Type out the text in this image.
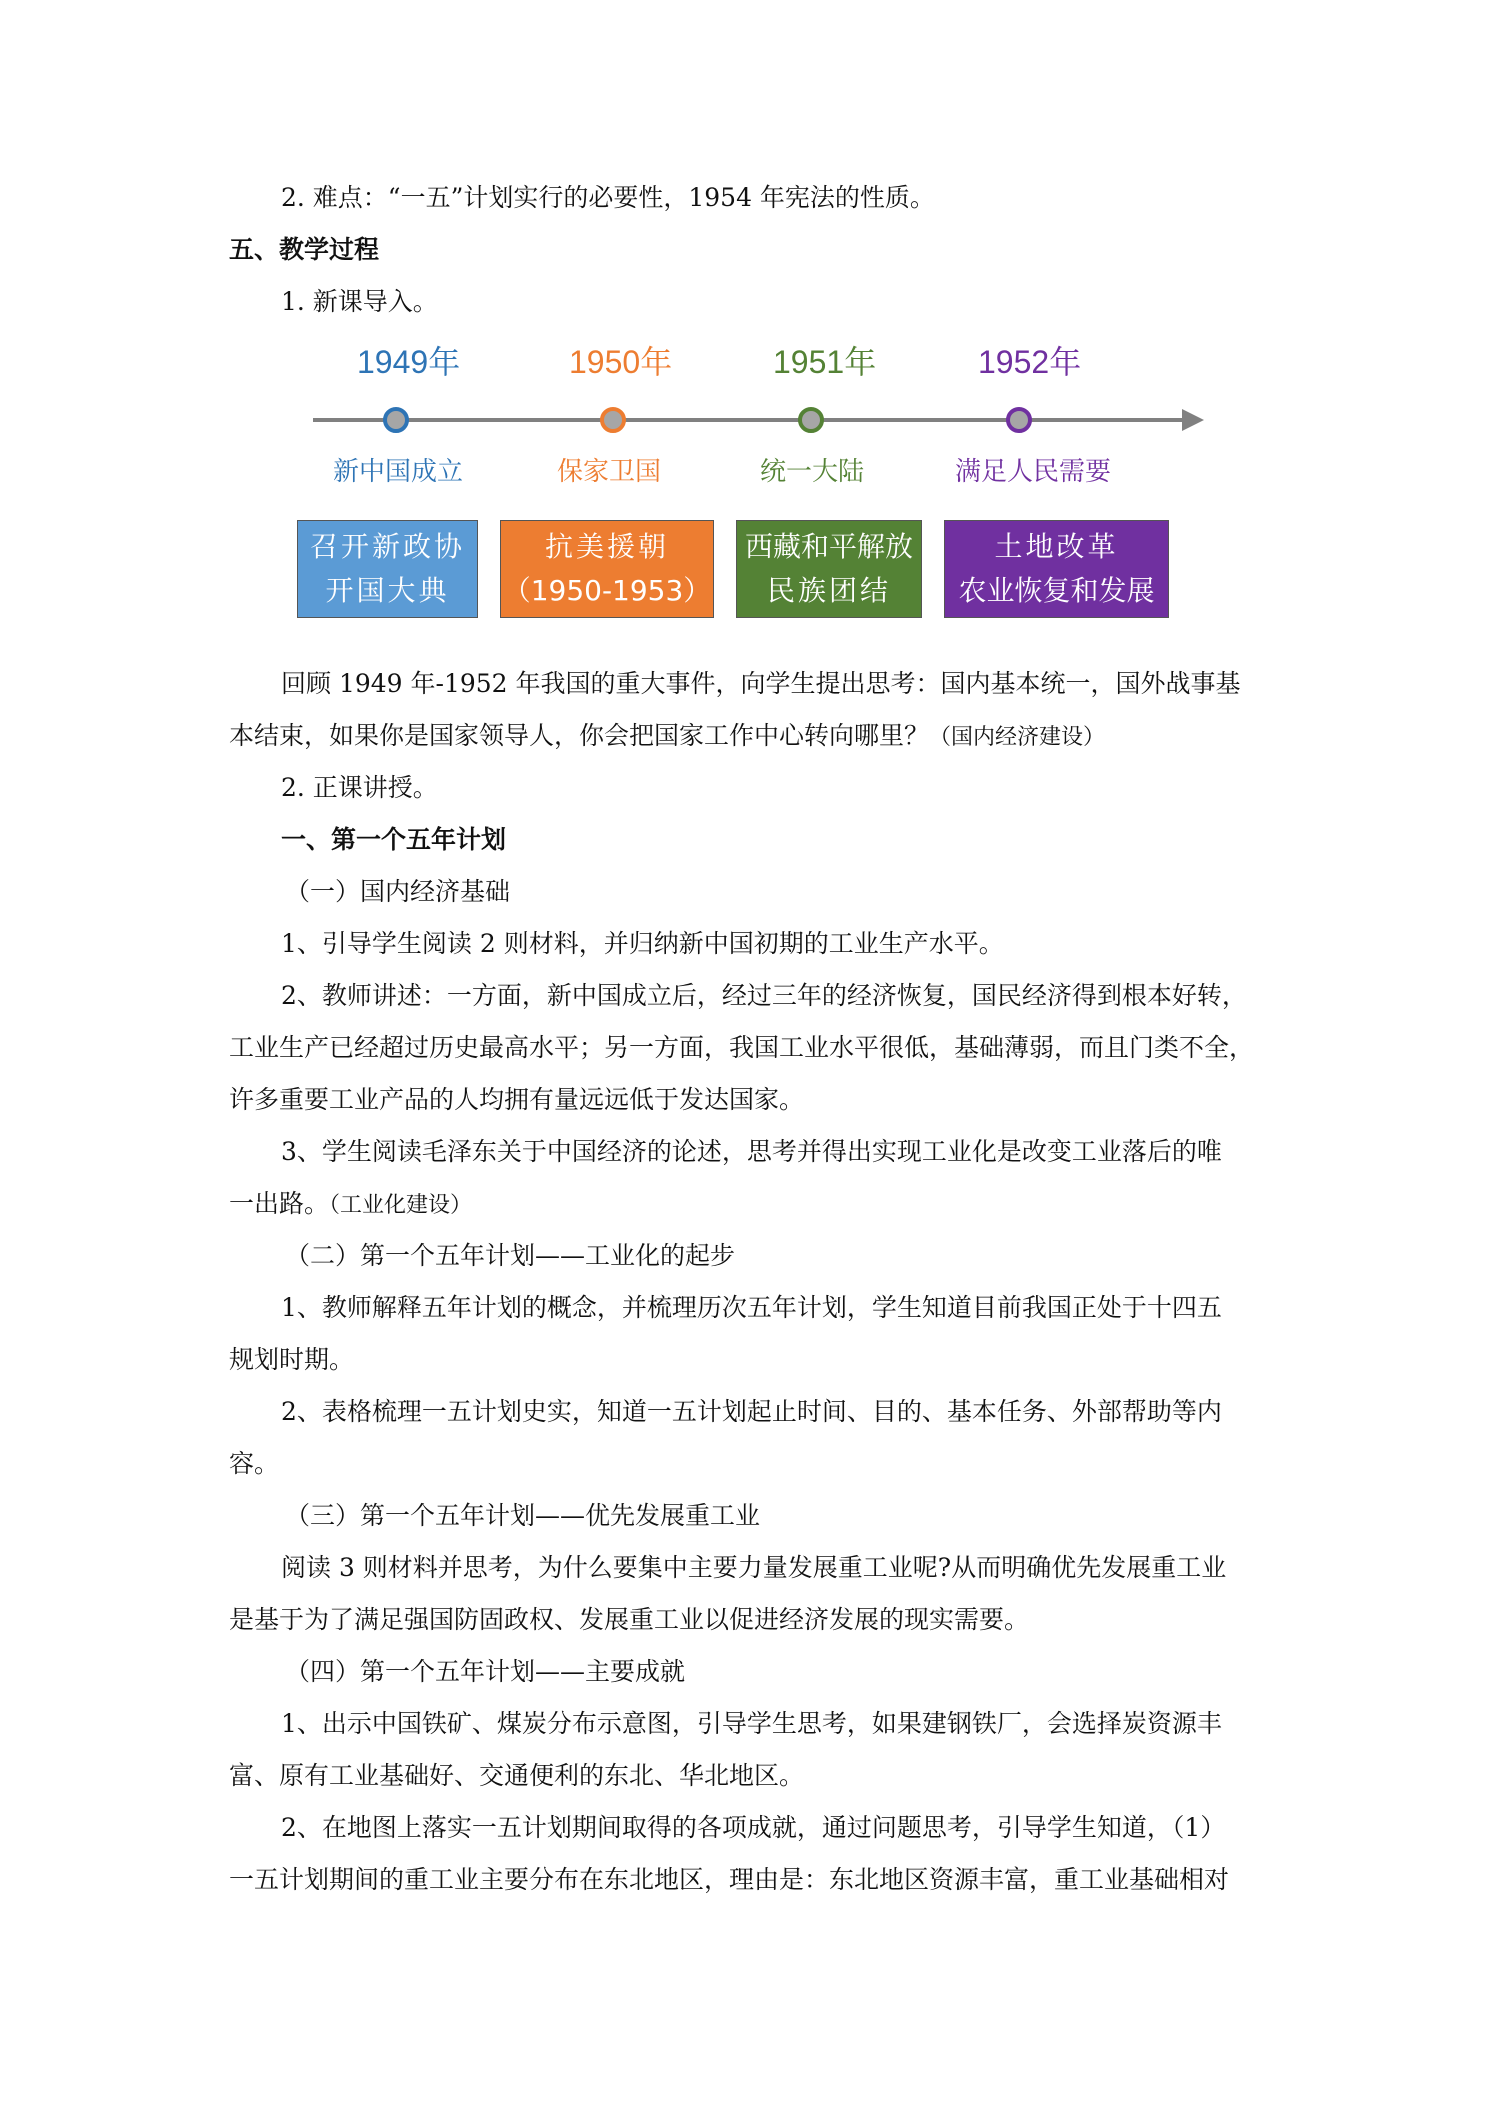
2. 难点：“一五”计划实行的必要性，1954 年宪法的性质。
五、教学过程
1. 新课导入。
1949年	1950年	1951年	1952年
新中国成立	保家卫国	统一大陆	满足人民需要
召开新政协
开国大典
抗美援朝
（1950-1953）
西藏和平解放
民族团结
土地改革
农业恢复和发展
回顾 1949 年-1952 年我国的重大事件，向学生提出思考：国内基本统一，国外战事基
本结束，如果你是国家领导人，你会把国家工作中心转向哪里？（国内经济建设）
2. 正课讲授。
一、第一个五年计划
（一）国内经济基础
1、引导学生阅读 2 则材料，并归纳新中国初期的工业生产水平。
2、教师讲述：一方面，新中国成立后，经过三年的经济恢复，国民经济得到根本好转，
工业生产已经超过历史最高水平；另一方面，我国工业水平很低，基础薄弱，而且门类不全，
许多重要工业产品的人均拥有量远远低于发达国家。
3、学生阅读毛泽东关于中国经济的论述，思考并得出实现工业化是改变工业落后的唯
一出路。（工业化建设）
（二）第一个五年计划——工业化的起步
1、教师解释五年计划的概念，并梳理历次五年计划，学生知道目前我国正处于十四五
规划时期。
2、表格梳理一五计划史实，知道一五计划起止时间、目的、基本任务、外部帮助等内
容。
（三）第一个五年计划——优先发展重工业
阅读 3 则材料并思考，为什么要集中主要力量发展重工业呢?从而明确优先发展重工业
是基于为了满足强国防固政权、发展重工业以促进经济发展的现实需要。
（四）第一个五年计划——主要成就
1、出示中国铁矿、煤炭分布示意图，引导学生思考，如果建钢铁厂，会选择炭资源丰
富、原有工业基础好、交通便利的东北、华北地区。
2、在地图上落实一五计划期间取得的各项成就，通过问题思考，引导学生知道，（1）
一五计划期间的重工业主要分布在东北地区，理由是：东北地区资源丰富，重工业基础相对
